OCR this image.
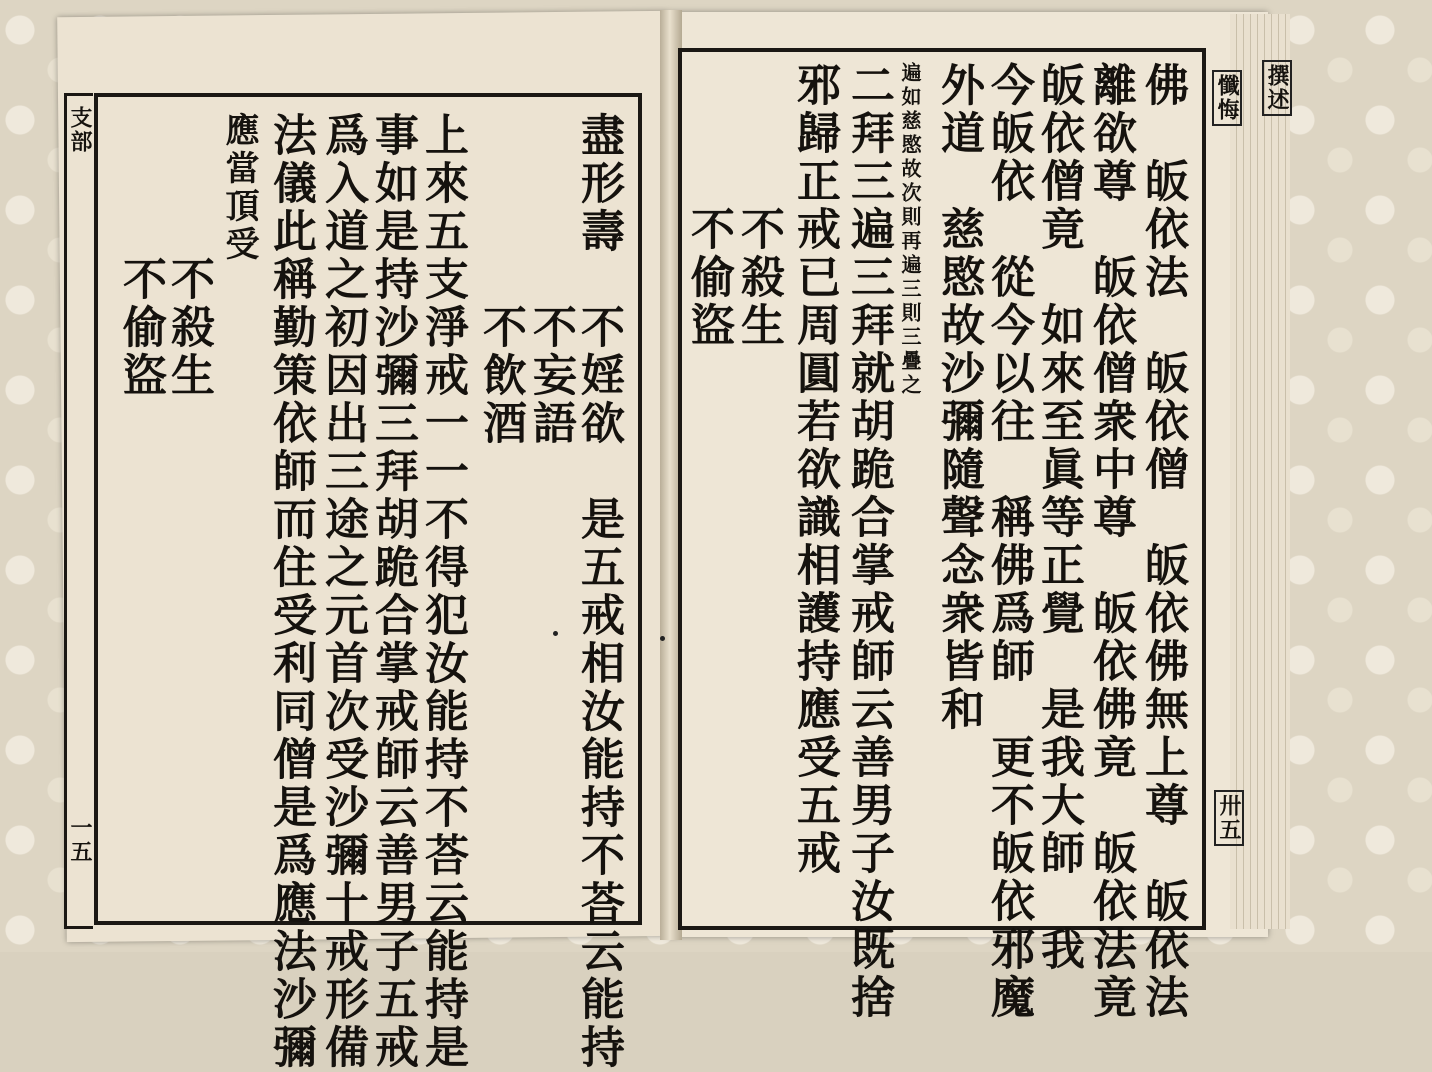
支部
一五	盡形壽　不婬欲　是五戒相汝能持不荅云能持
　　　　不妄語
　　　　不飲酒
上來五支淨戒一一不得犯汝能持不荅云能持是
事如是持沙彌三拜胡跪合掌戒師云善男子五戒
爲入道之初因出三途之元首次受沙彌十戒形備
法儀此稱勤策依師而住受利同僧是爲應法沙彌
應當頂受
　　　不殺生
　　　不偷盜
撰述
懺悔
卅五
佛　皈依法　皈依僧　皈依佛無上尊　皈依法
離欲尊　皈依僧衆中尊　皈依佛竟　皈依法竟
皈依僧竟　如來至眞等正覺　是我大師　我
今皈依　從今以往　稱佛爲師　更不皈依邪魔
外道　慈愍故沙彌隨聲念衆皆和
遍如慈愍故次則再遍三則三疊之
二拜三遍三拜就胡跪合掌戒師云善男子汝既捨
邪歸正戒已周圓若欲識相護持應受五戒
　　　不殺生
　　　不偷盜
